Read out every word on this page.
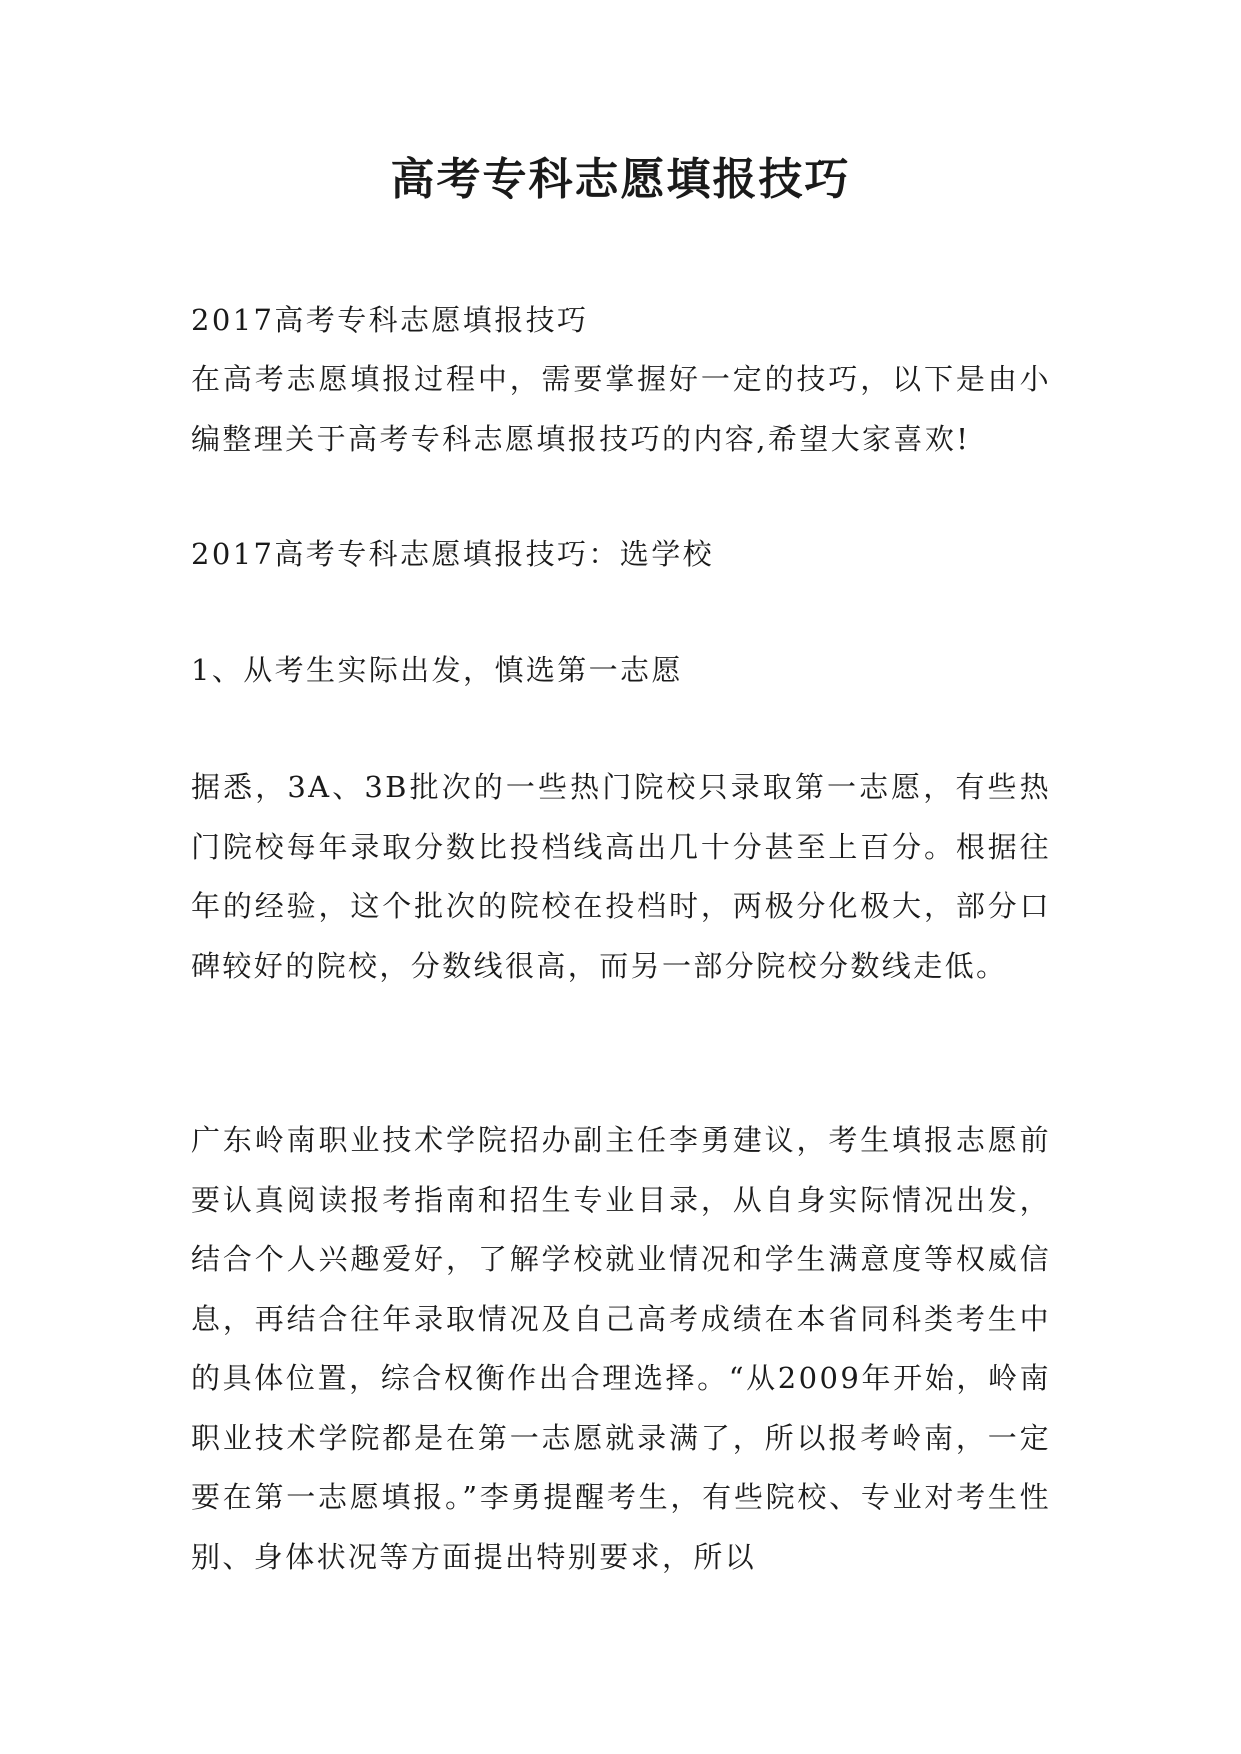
高考专科志愿填报技巧

2017高考专科志愿填报技巧

在高考志愿填报过程中，需要掌握好一定的技巧，以下是由小编整理关于高考专科志愿填报技巧的内容,希望大家喜欢!

2017高考专科志愿填报技巧：选学校

1、从考生实际出发，慎选第一志愿

据悉，3A、3B批次的一些热门院校只录取第一志愿，有些热门院校每年录取分数比投档线高出几十分甚至上百分。根据往年的经验，这个批次的院校在投档时，两极分化极大，部分口碑较好的院校，分数线很高，而另一部分院校分数线走低。

广东岭南职业技术学院招办副主任李勇建议，考生填报志愿前要认真阅读报考指南和招生专业目录，从自身实际情况出发，结合个人兴趣爱好，了解学校就业情况和学生满意度等权威信息，再结合往年录取情况及自己高考成绩在本省同科类考生中的具体位置，综合权衡作出合理选择。“从2009年开始，岭南职业技术学院都是在第一志愿就录满了，所以报考岭南，一定要在第一志愿填报。”李勇提醒考生，有些院校、专业对考生性别、身体状况等方面提出特别要求，所以
